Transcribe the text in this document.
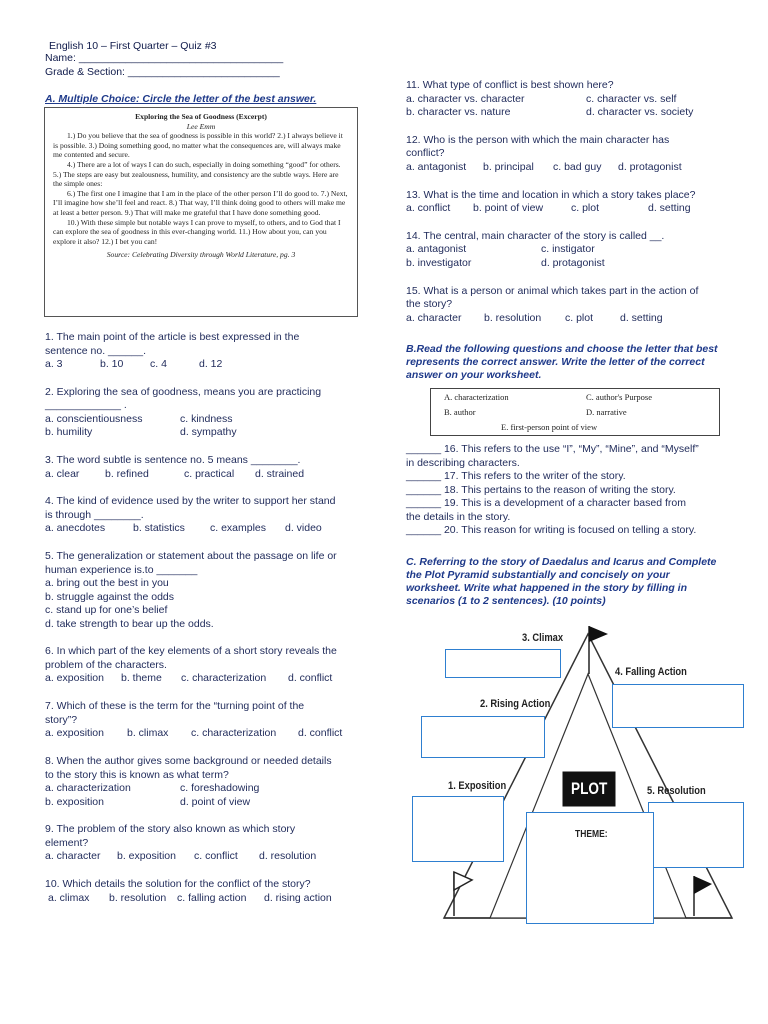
English 10 – First Quarter – Quiz #3
Name: ___________________________________
Grade & Section: __________________________
A. Multiple Choice: Circle the letter of the best answer.
Exploring the Sea of Goodness (Excerpt)
Lee Emm

1.) Do you believe that the sea of goodness is possible in this world? 2.) I always believe it is possible. 3.) Doing something good, no matter what the consequences are, will always make me contented and secure.

4.) There are a lot of ways I can do such, especially in doing something “good” for others. 5.) The steps are easy but zealousness, humility, and consistency are the subtle ways. Here are the simple ones:

6.) The first one I imagine that I am in the place of the other person I’ll do good to. 7.) Next, I’ll imagine how she’ll feel and react. 8.) That way, I’ll think doing good to others will make me at least a better person. 9.) That will make me grateful that I have done something good.

10.) With these simple but notable ways I can prove to myself, to others, and to God that I can explore the sea of goodness in this ever-changing world. 11.) How about you, can you explore it also? 12.) I bet you can!

Source: Celebrating Diversity through World Literature, pg. 3
1. The main point of the article is best expressed in the
sentence no. ______.
a. 3	b. 10	c. 4	d. 12
2. Exploring the sea of goodness, means you are practicing
_____________ .
a. conscientiousness	c. kindness
b. humility	d. sympathy
3. The word subtle is sentence no. 5 means ________.
a. clear b. refined	c. practical d. strained
4. The kind of evidence used by the writer to support her stand
is through ________.
a. anecdotes	b. statistics c. examples d. video
5. The generalization or statement about the passage on life or
human experience is.to _______
a. bring out the best in you
b. struggle against the odds
c. stand up for one’s belief
d. take strength to bear up the odds.
6. In which part of the key elements of a short story reveals the
problem of the characters.
a. exposition b. theme c. characterization d. conflict
7. Which of these is the term for the “turning point of the
story”?
a. exposition b. climax c. characterization d. conflict
8. When the author gives some background or needed details
to the story this is known as what term?
a. characterization	c. foreshadowing
b. exposition	d. point of view
9. The problem of the story also known as which story
element?
a. character b. exposition c. conflict d. resolution
10. Which details the solution for the conflict of the story?
a. climax b. resolution c. falling action d. rising action
11. What type of conflict is best shown here?
a. character vs. character	c. character vs. self
b. character vs. nature	d. character vs. society
12. Who is the person with which the main character has
conflict?
a. antagonist b. principal c. bad guy d. protagonist
13. What is the time and location in which a story takes place?
a. conflict b. point of view	c. plot	d. setting
14. The central, main character of the story is called __.
a. antagonist	c. instigator
b. investigator	d. protagonist
15. What is a person or animal which takes part in the action of
the story?
a. character b. resolution c. plot	d. setting
B.Read the following questions and choose the letter that best
represents the correct answer. Write the letter of the correct
answer on your worksheet.
A. characterization	C. author's Purpose
B. author	D. narrative
E. first-person point of view
______ 16. This refers to the use “I”, “My”, “Mine”, and “Myself”
in describing characters.
______ 17. This refers to the writer of the story.
______ 18. This pertains to the reason of writing the story.
______ 19. This is a development of a character based from
the details in the story.
______ 20. This reason for writing is focused on telling a story.
C. Referring to the story of Daedalus and Icarus and Complete
the Plot Pyramid substantially and concisely on your
worksheet. Write what happened in the story by filling in
scenarios (1 to 2 sentences). (10 points)
3. Climax
4. Falling Action
2. Rising Action
1. Exposition	PLOT	5. Resolution
THEME:
